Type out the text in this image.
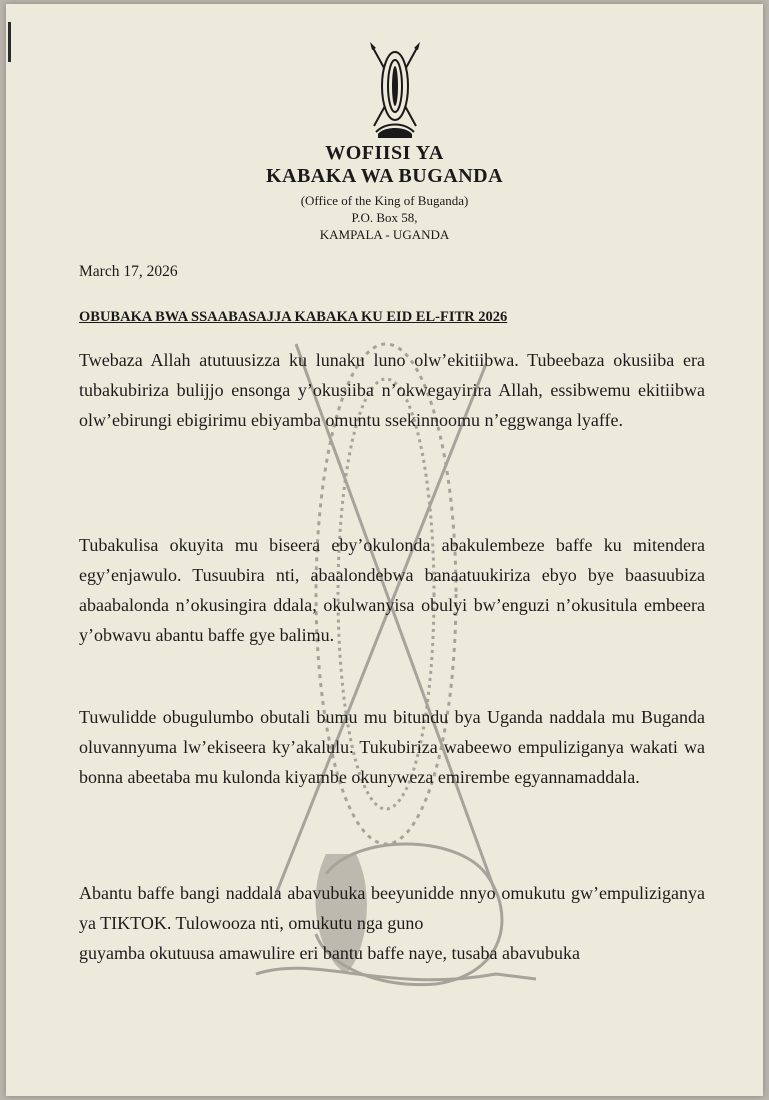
WOFIISI YA
KABAKA WA BUGANDA
(Office of the King of Buganda)
P.O. Box 58,
KAMPALA - UGANDA
March 17, 2026
OBUBAKA BWA SSAABASAJJA KABAKA KU EID EL-FITR 2026
Twebaza Allah atutuusizza ku lunaku luno olw’ekitiibwa. Tubeebaza okusiiba era tubakubiriza bulijjo ensonga y’okusiiba n’okwegayirira Allah, essibwemu ekitiibwa olw’ebirungi ebigirimu ebiyamba omuntu ssekinnoomu n’eggwanga lyaffe.
Tubakulisa okuyita mu biseera eby’okulonda abakulembeze baffe ku mitendera egy’enjawulo. Tusuubira nti, abaalondebwa banaatuukiriza ebyo bye baasuubiza abaabalonda n’okusingira ddala, okulwanyisa obulyi bw’enguzi n’okusitula embeera y’obwavu abantu baffe gye balimu.
Tuwulidde obugulumbo obutali bumu mu bitundu bya Uganda naddala mu Buganda oluvannyuma lw’ekiseera ky’akalulu. Tukubiriza wabeewo empuliziganya wakati wa bonna abeetaba mu kulonda kiyambe okunyweza emirembe egyannamaddala.
Abantu baffe bangi naddala abavubuka beeyunidde nnyo omukutu gw’empuliziganya ya TIKTOK. Tulowooza nti, omukutu nga guno
guyamba okutuusa amawulire eri bantu baffe naye, tusaba abavubuka
